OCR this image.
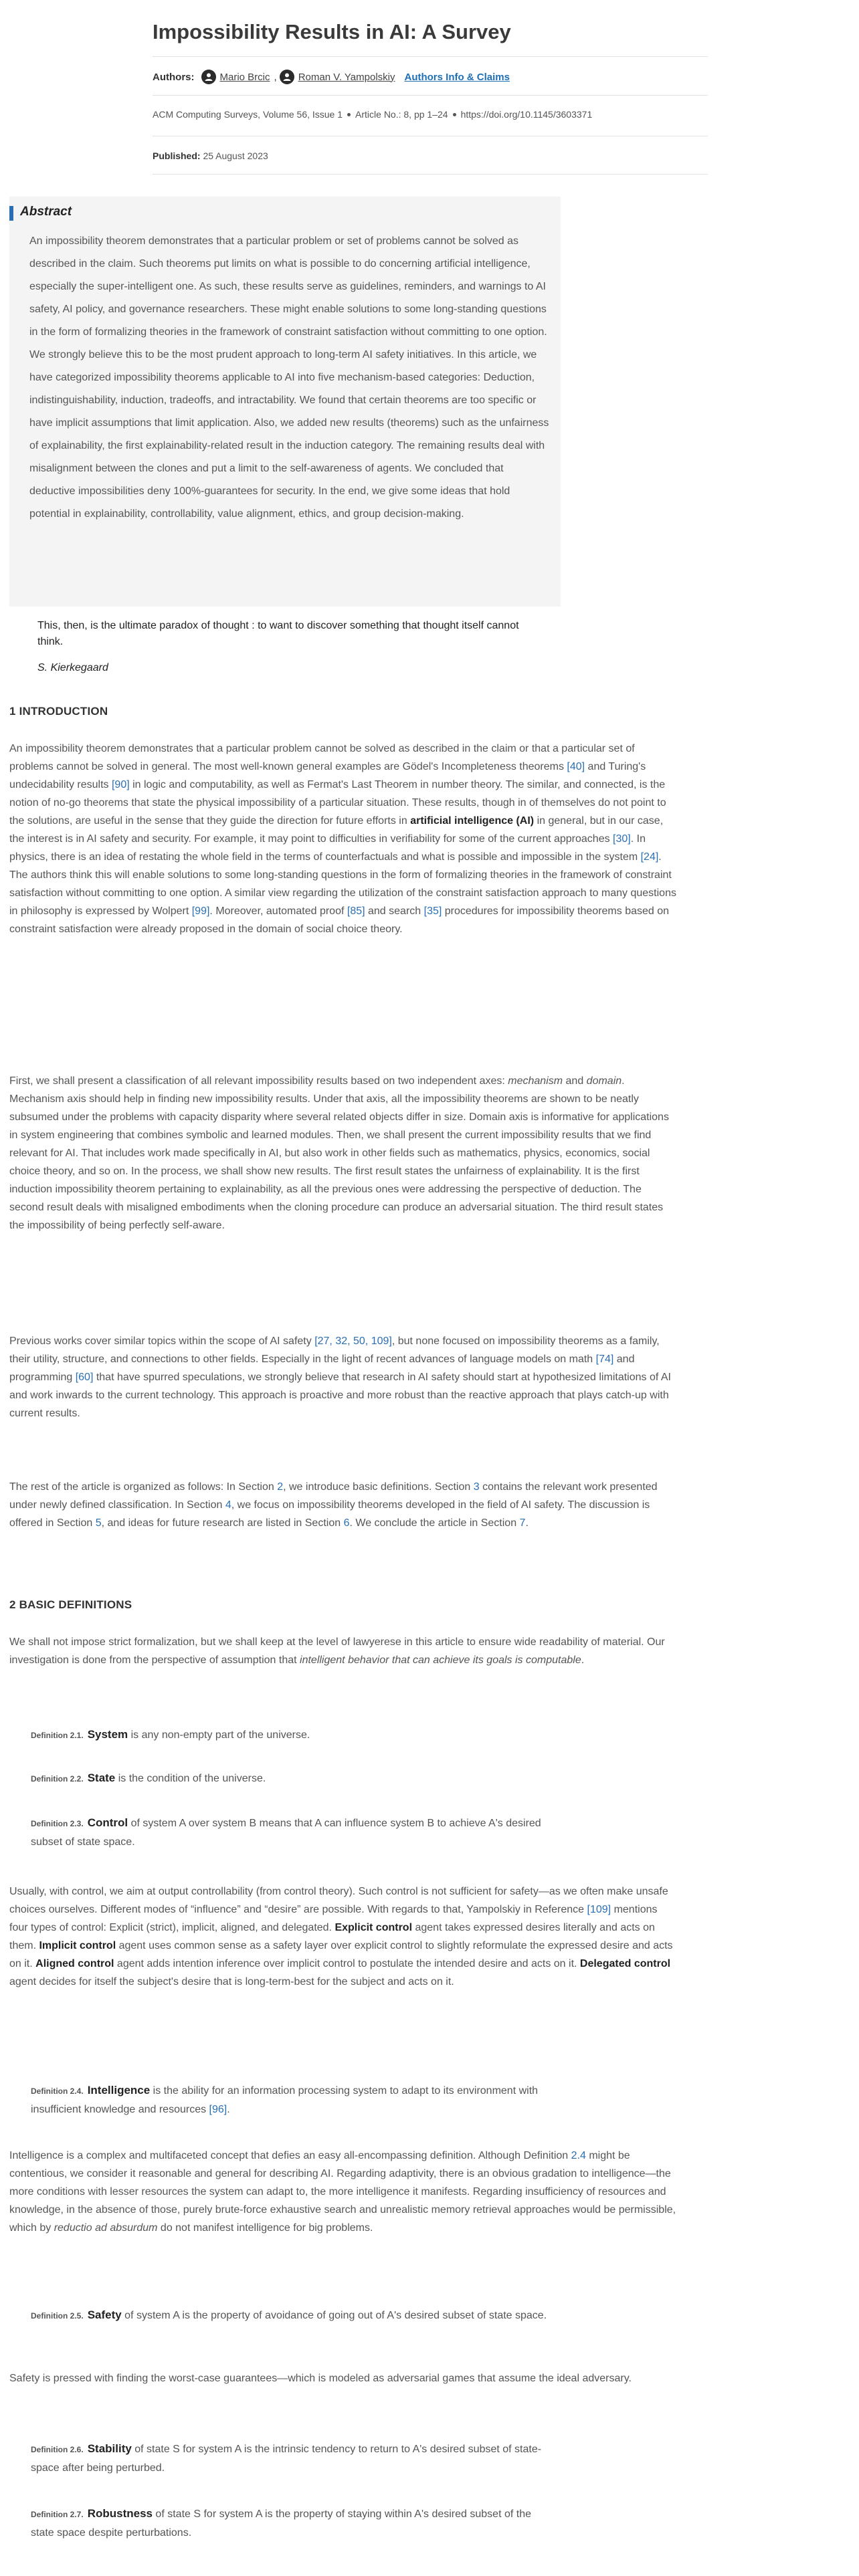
Impossibility Results in AI: A Survey
Authors:	Mario Brcic , Roman V. Yampolskiy Authors Info & Claims
ACM Computing Surveys, Volume 56, Issue 1 Article No.: 8, pp 1–24 https://doi.org/10.1145/3603371
Published: 25 August 2023
Abstract

An impossibility theorem demonstrates that a particular problem or set of problems cannot be solved as described in the claim. Such theorems put limits on what is possible to do concerning artificial intelligence, especially the super-intelligent one. As such, these results serve as guidelines, reminders, and warnings to AI safety, AI policy, and governance researchers. These might enable solutions to some long-standing questions in the form of formalizing theories in the framework of constraint satisfaction without committing to one option. We strongly believe this to be the most prudent approach to long-term AI safety initiatives. In this article, we have categorized impossibility theorems applicable to AI into five mechanism-based categories: Deduction, indistinguishability, induction, tradeoffs, and intractability. We found that certain theorems are too specific or have implicit assumptions that limit application. Also, we added new results (theorems) such as the unfairness of explainability, the first explainability-related result in the induction category. The remaining results deal with misalignment between the clones and put a limit to the self-awareness of agents. We concluded that deductive impossibilities deny 100%-guarantees for security. In the end, we give some ideas that hold potential in explainability, controllability, value alignment, ethics, and group decision-making.

This, then, is the ultimate paradox of thought : to want to discover something that thought itself cannot think.
S. Kierkegaard
1 INTRODUCTION

An impossibility theorem demonstrates that a particular problem cannot be solved as described in the claim or that a particular set of problems cannot be solved in general. The most well-known general examples are Gödel's Incompleteness theorems [40] and Turing's undecidability results [90] in logic and computability, as well as Fermat's Last Theorem in number theory. The similar, and connected, is the notion of no-go theorems that state the physical impossibility of a particular situation. These results, though in of themselves do not point to the solutions, are useful in the sense that they guide the direction for future efforts in artificial intelligence (AI) in general, but in our case, the interest is in AI safety and security. For example, it may point to difficulties in verifiability for some of the current approaches [30]. In physics, there is an idea of restating the whole field in the terms of counterfactuals and what is possible and impossible in the system [24]. The authors think this will enable solutions to some long-standing questions in the form of formalizing theories in the framework of constraint satisfaction without committing to one option. A similar view regarding the utilization of the constraint satisfaction approach to many questions in philosophy is expressed by Wolpert [99]. Moreover, automated proof [85] and search [35] procedures for impossibility theorems based on constraint satisfaction were already proposed in the domain of social choice theory.

First, we shall present a classification of all relevant impossibility results based on two independent axes: mechanism and domain. Mechanism axis should help in finding new impossibility results. Under that axis, all the impossibility theorems are shown to be neatly subsumed under the problems with capacity disparity where several related objects differ in size. Domain axis is informative for applications in system engineering that combines symbolic and learned modules. Then, we shall present the current impossibility results that we find relevant for AI. That includes work made specifically in AI, but also work in other fields such as mathematics, physics, economics, social choice theory, and so on. In the process, we shall show new results. The first result states the unfairness of explainability. It is the first induction impossibility theorem pertaining to explainability, as all the previous ones were addressing the perspective of deduction. The second result deals with misaligned embodiments when the cloning procedure can produce an adversarial situation. The third result states the impossibility of being perfectly self-aware.

Previous works cover similar topics within the scope of AI safety [27, 32, 50, 109], but none focused on impossibility theorems as a family, their utility, structure, and connections to other fields. Especially in the light of recent advances of language models on math [74] and programming [60] that have spurred speculations, we strongly believe that research in AI safety should start at hypothesized limitations of AI and work inwards to the current technology. This approach is proactive and more robust than the reactive approach that plays catch-up with current results.

The rest of the article is organized as follows: In Section 2, we introduce basic definitions. Section 3 contains the relevant work presented under newly defined classification. In Section 4, we focus on impossibility theorems developed in the field of AI safety. The discussion is offered in Section 5, and ideas for future research are listed in Section 6. We conclude the article in Section 7.

2 BASIC DEFINITIONS

We shall not impose strict formalization, but we shall keep at the level of lawyerese in this article to ensure wide readability of material. Our investigation is done from the perspective of assumption that intelligent behavior that can achieve its goals is computable.

Definition 2.1. System is any non-empty part of the universe.

Definition 2.2. State is the condition of the universe.

Definition 2.3. Control of system A over system B means that A can influence system B to achieve A's desired subset of state space.

Usually, with control, we aim at output controllability (from control theory). Such control is not sufficient for safety—as we often make unsafe choices ourselves. Different modes of “influence” and “desire” are possible. With regards to that, Yampolskiy in Reference [109] mentions four types of control: Explicit (strict), implicit, aligned, and delegated. Explicit control agent takes expressed desires literally and acts on them. Implicit control agent uses common sense as a safety layer over explicit control to slightly reformulate the expressed desire and acts on it. Aligned control agent adds intention inference over implicit control to postulate the intended desire and acts on it. Delegated control agent decides for itself the subject's desire that is long-term-best for the subject and acts on it.

Definition 2.4. Intelligence is the ability for an information processing system to adapt to its environment with insufficient knowledge and resources [96].

Intelligence is a complex and multifaceted concept that defies an easy all-encompassing definition. Although Definition 2.4 might be contentious, we consider it reasonable and general for describing AI. Regarding adaptivity, there is an obvious gradation to intelligence—the more conditions with lesser resources the system can adapt to, the more intelligence it manifests. Regarding insufficiency of resources and knowledge, in the absence of those, purely brute-force exhaustive search and unrealistic memory retrieval approaches would be permissible, which by reductio ad absurdum do not manifest intelligence for big problems.

Definition 2.5. Safety of system A is the property of avoidance of going out of A's desired subset of state space.

Safety is pressed with finding the worst-case guarantees—which is modeled as adversarial games that assume the ideal adversary.

Definition 2.6. Stability of state S for system A is the intrinsic tendency to return to A's desired subset of state-space after being perturbed.

Definition 2.7. Robustness of state S for system A is the property of staying within A's desired subset of the state space despite perturbations.
